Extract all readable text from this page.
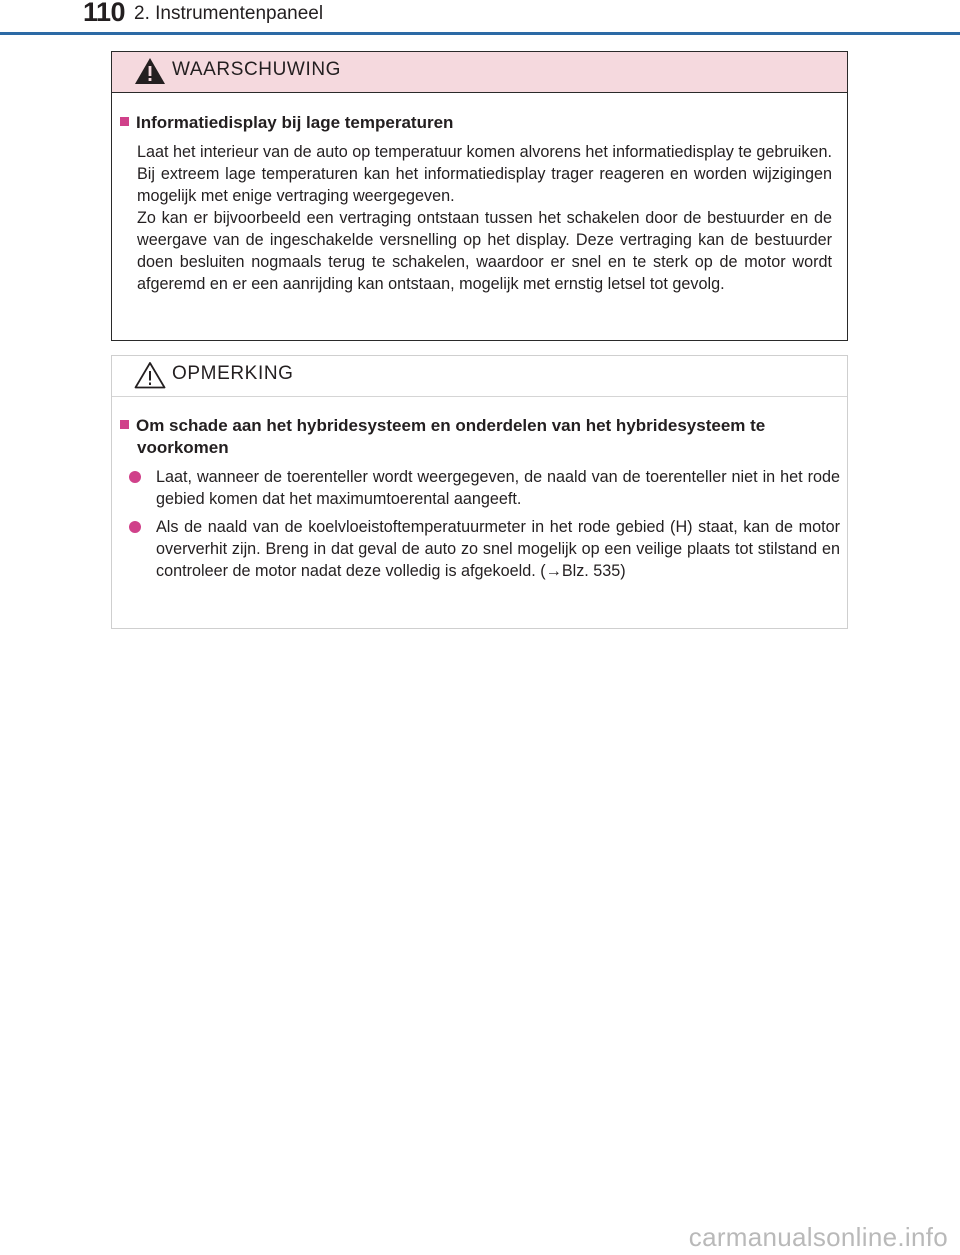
110 2. Instrumentenpaneel
WAARSCHUWING
Informatiedisplay bij lage temperaturen
Laat het interieur van de auto op temperatuur komen alvorens het informatiedisplay te gebruiken. Bij extreem lage temperaturen kan het informatiedisplay trager reageren en worden wijzigingen mogelijk met enige vertraging weergegeven.
Zo kan er bijvoorbeeld een vertraging ontstaan tussen het schakelen door de bestuurder en de weergave van de ingeschakelde versnelling op het display. Deze vertraging kan de bestuurder doen besluiten nogmaals terug te schakelen, waardoor er snel en te sterk op de motor wordt afgeremd en er een aanrijding kan ontstaan, mogelijk met ernstig letsel tot gevolg.
OPMERKING
Om schade aan het hybridesysteem en onderdelen van het hybridesysteem te
voorkomen
Laat, wanneer de toerenteller wordt weergegeven, de naald van de toerenteller niet in het rode gebied komen dat het maximumtoerental aangeeft.
Als de naald van de koelvloeistoftemperatuurmeter in het rode gebied (H) staat, kan de motor oververhit zijn. Breng in dat geval de auto zo snel mogelijk op een veilige plaats tot stilstand en controleer de motor nadat deze volledig is afgekoeld. (→Blz. 535)
carmanualsonline.info
